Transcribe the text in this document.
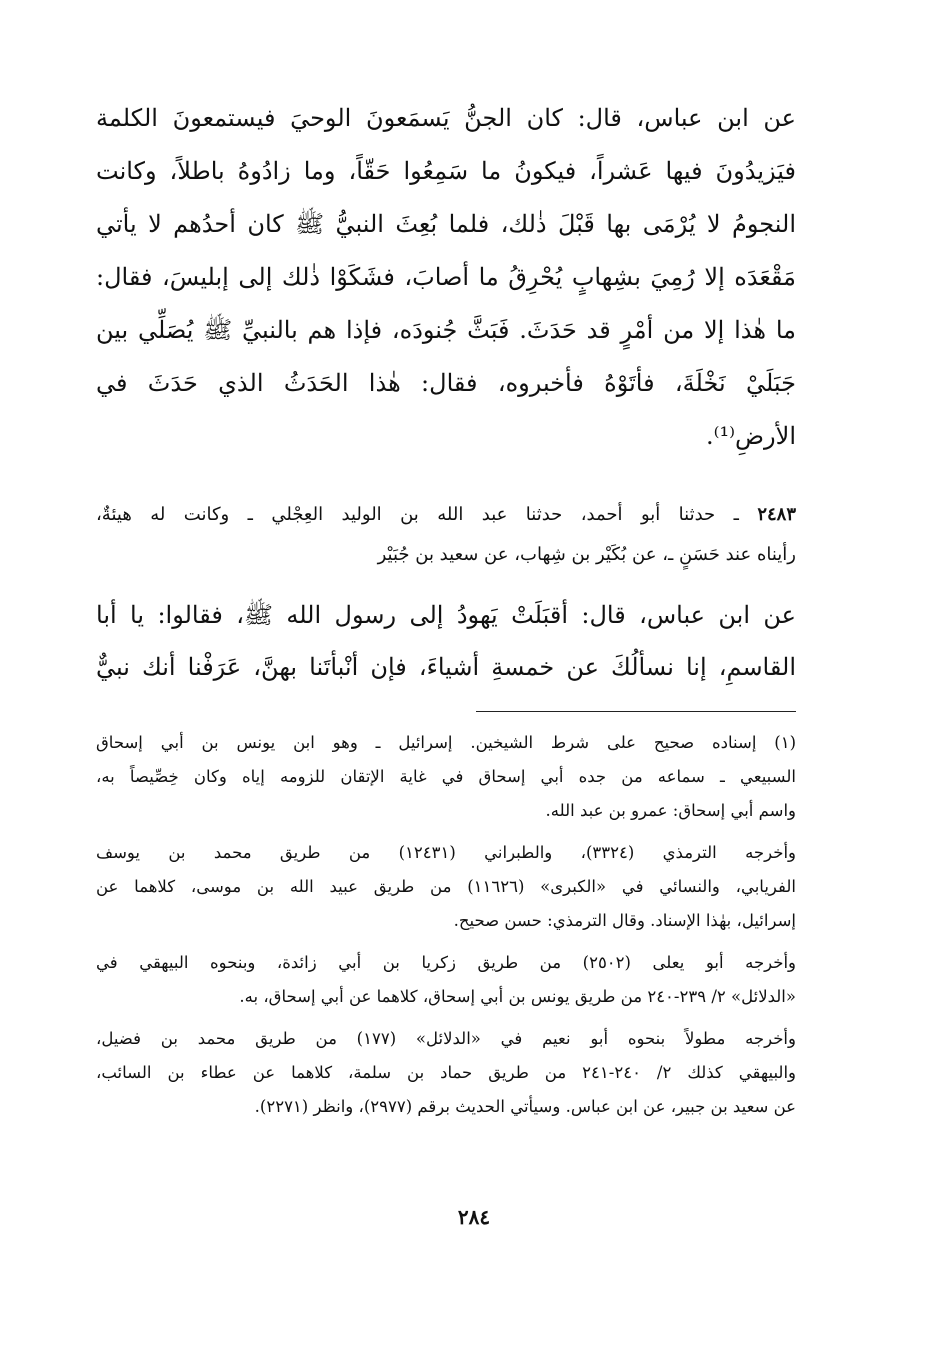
عن ابن عباس، قال: كان الجنُّ يَسمَعونَ الوحيَ فيستمعونَ الكلمة
فيَزيدُونَ فيها عَشراً، فيكونُ ما سَمِعُوا حَقّاً، وما زادُوهُ باطلاً، وكانت
النجومُ لا يُرْمَى بها قَبْلَ ذٰلك، فلما بُعِثَ النبيُّ ﷺ كان أحدُهم لا يأتي
مَقْعَدَه إلا رُمِيَ بشِهابٍ يُحْرِقُ ما أصابَ، فشَكَوْا ذٰلك إلى إبليسَ، فقال:
ما هٰذا إلا من أمْرٍ قد حَدَثَ. فَبَثَّ جُنودَه، فإذا هم بالنبيِّ ﷺ يُصَلِّي بين
جَبَلَيْ نَخْلَةَ، فأتَوْهُ فأخبروه، فقال: هٰذا الحَدَثُ الذي حَدَثَ في
الأرضِ⁽¹⁾.
٢٤٨٣ ـ حدثنا أبو أحمد، حدثنا عبد الله بن الوليد العِجْلي ـ وكانت له هيئةٌ،
رأيناه عند حَسَنٍ ـ، عن بُكَيْر بن شِهاب، عن سعيد بن جُبَيْر
عن ابن عباس، قال: أقبَلَتْ يَهودُ إلى رسول الله ﷺ، فقالوا: يا أبا
القاسمِ، إنا نسألُكَ عن خمسةِ أشياءَ، فإن أنْبأتَنا بهنَّ، عَرَفْنا أنك نبيٌّ
(١) إسناده صحيح على شرط الشيخين. إسرائيل ـ وهو ابن يونس بن أبي إسحاق
السبيعي ـ سماعه من جده أبي إسحاق في غاية الإتقان للزومه إياه وكان خِصِّيصاً به،
واسم أبي إسحاق: عمرو بن عبد الله.
وأخرجه الترمذي (٣٣٢٤)، والطبراني (١٢٤٣١) من طريق محمد بن يوسف
الفريابي، والنسائي في «الكبرى» (١١٦٢٦) من طريق عبيد الله بن موسى، كلاهما عن
إسرائيل، بهٰذا الإسناد. وقال الترمذي: حسن صحيح.
وأخرجه أبو يعلى (٢٥٠٢) من طريق زكريا بن أبي زائدة، وبنحوه البيهقي في
«الدلائل» ٢/ ٢٣٩-٢٤٠ من طريق يونس بن أبي إسحاق، كلاهما عن أبي إسحاق، به.
وأخرجه مطولاً بنحوه أبو نعيم في «الدلائل» (١٧٧) من طريق محمد بن فضيل،
والبيهقي كذلك ٢/ ٢٤٠-٢٤١ من طريق حماد بن سلمة، كلاهما عن عطاء بن السائب،
عن سعيد بن جبير، عن ابن عباس. وسيأتي الحديث برقم (٢٩٧٧)، وانظر (٢٢٧١).
٢٨٤
